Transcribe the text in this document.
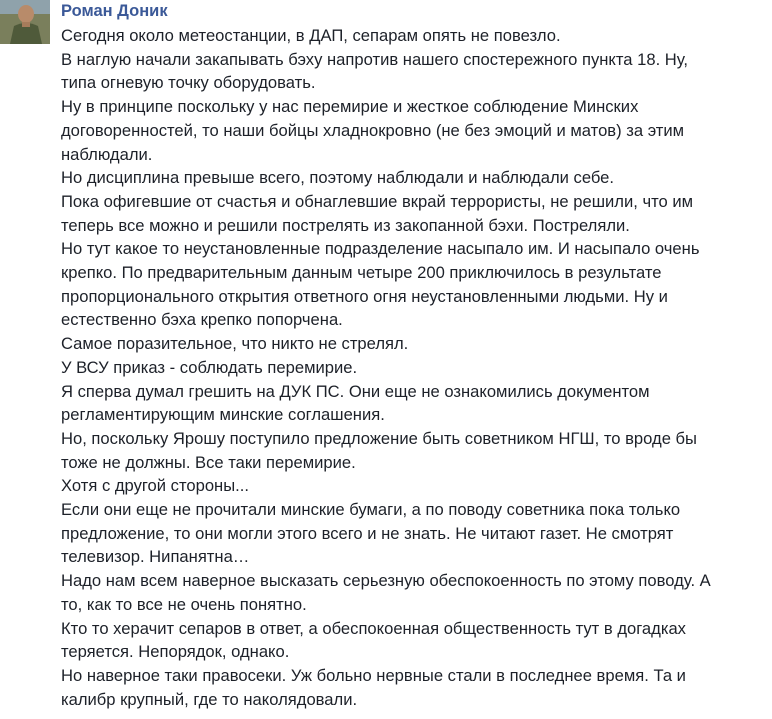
Роман Доник
Сегодня около метеостанции, в ДАП, сепарам опять не повезло.
В наглую начали закапывать бэху напротив нашего спостережного пункта 18. Ну,
типа огневую точку оборудовать.
Ну в принципе поскольку у нас перемирие и жесткое соблюдение Минских
договоренностей, то наши бойцы хладнокровно (не без эмоций и матов) за этим
наблюдали.
Но дисциплина превыше всего, поэтому наблюдали и наблюдали себе.
Пока офигевшие от счастья и обнаглевшие вкрай террористы, не решили, что им
теперь все можно и решили пострелять из закопанной бэхи. Постреляли.
Но тут какое то неустановленные подразделение насыпало им. И насыпало очень
крепко. По предварительным данным четыре 200 приключилось в результате
пропорционального открытия ответного огня неустановленными людьми. Ну и
естественно бэха крепко попорчена.
Самое поразительное, что никто не стрелял.
У ВСУ приказ - соблюдать перемирие.
Я сперва думал грешить на ДУК ПС. Они еще не ознакомились документом
регламентирующим минские соглашения.
Но, поскольку Ярошу поступило предложение быть советником НГШ, то вроде бы
тоже не должны. Все таки перемирие.
Хотя с другой стороны...
Если они еще не прочитали минские бумаги, а по поводу советника пока только
предложение, то они могли этого всего и не знать. Не читают газет. Не смотрят
телевизор. Нипанятна…
Надо нам всем наверное высказать серьезную обеспокоенность по этому поводу. А
то, как то все не очень понятно.
Кто то херачит сепаров в ответ, а обеспокоенная общественность тут в догадках
теряется. Непорядок, однако.
Но наверное таки правосеки. Уж больно нервные стали в последнее время. Та и
калибр крупный, где то наколядовали.
